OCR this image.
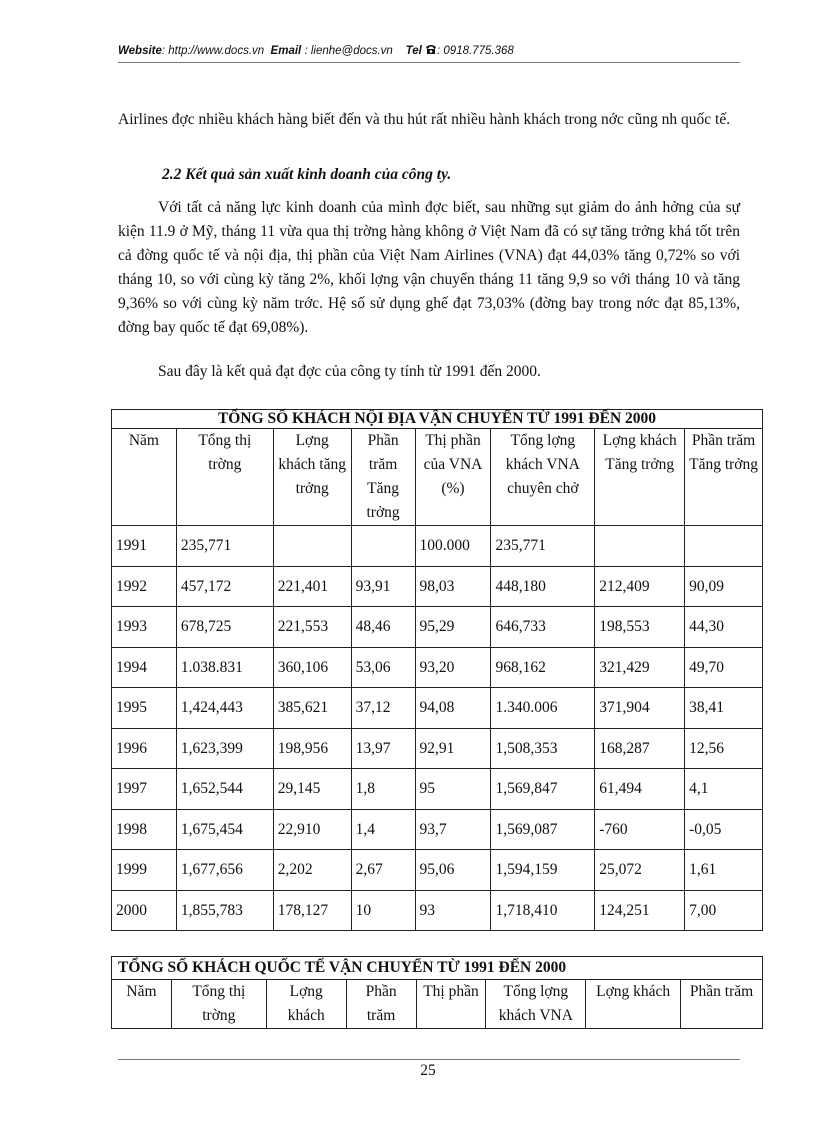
Website: http://www.docs.vn Email : lienhe@docs.vn Tel : 0918.775.368
Airlines đợc nhiều khách hàng biết đến và thu hút rất nhiều hành khách trong nớc cũng nh quốc tế.
2.2 Kết quả sản xuất kinh doanh của công ty.
Với tất cả năng lực kinh doanh của mình đợc biết, sau những sụt giảm do ảnh hởng của sự kiện 11.9 ở Mỹ, tháng 11 vừa qua thị trờng hàng không ở Việt Nam đã có sự tăng trởng khá tốt trên cả đờng quốc tế và nội địa, thị phần của Việt Nam Airlines (VNA) đạt 44,03% tăng 0,72% so với tháng 10, so với cùng kỳ tăng 2%, khối lợng vận chuyển tháng 11 tăng 9,9 so với tháng 10 và tăng 9,36% so với cùng kỳ năm trớc. Hệ số sử dụng ghế đạt 73,03% (đờng bay trong nớc đạt 85,13%, đờng bay quốc tế đạt 69,08%).
Sau đây là kết quả đạt đợc của công ty tính từ 1991 đến 2000.
TỔNG SỐ KHÁCH NỘI ĐỊA VẬN CHUYỂN TỪ 1991 ĐẾN 2000							
Năm	Tổng thị trờng	Lợng khách tăng trởng	Phần trăm Tăng trởng	Thị phần của VNA (%)	Tổng lợng khách VNA chuyên chở	Lợng khách Tăng trởng	Phần trăm Tăng trởng
1991	235,771			100.000	235,771		
1992	457,172	221,401	93,91	98,03	448,180	212,409	90,09
1993	678,725	221,553	48,46	95,29	646,733	198,553	44,30
1994	1.038.831	360,106	53,06	93,20	968,162	321,429	49,70
1995	1,424,443	385,621	37,12	94,08	1.340.006	371,904	38,41
1996	1,623,399	198,956	13,97	92,91	1,508,353	168,287	12,56
1997	1,652,544	29,145	1,8	95	1,569,847	61,494	4,1
1998	1,675,454	22,910	1,4	93,7	1,569,087	-760	-0,05
1999	1,677,656	2,202	2,67	95,06	1,594,159	25,072	1,61
2000	1,855,783	178,127	10	93	1,718,410	124,251	7,00
TỔNG SỐ KHÁCH QUỐC TẾ VẬN CHUYỂN TỪ 1991 ĐẾN 2000
Năm	Tổng thị trờng	Lợng khách	Phần trăm	Thị phần	Tổng lợng khách VNA	Lợng khách	Phần trăm
25
